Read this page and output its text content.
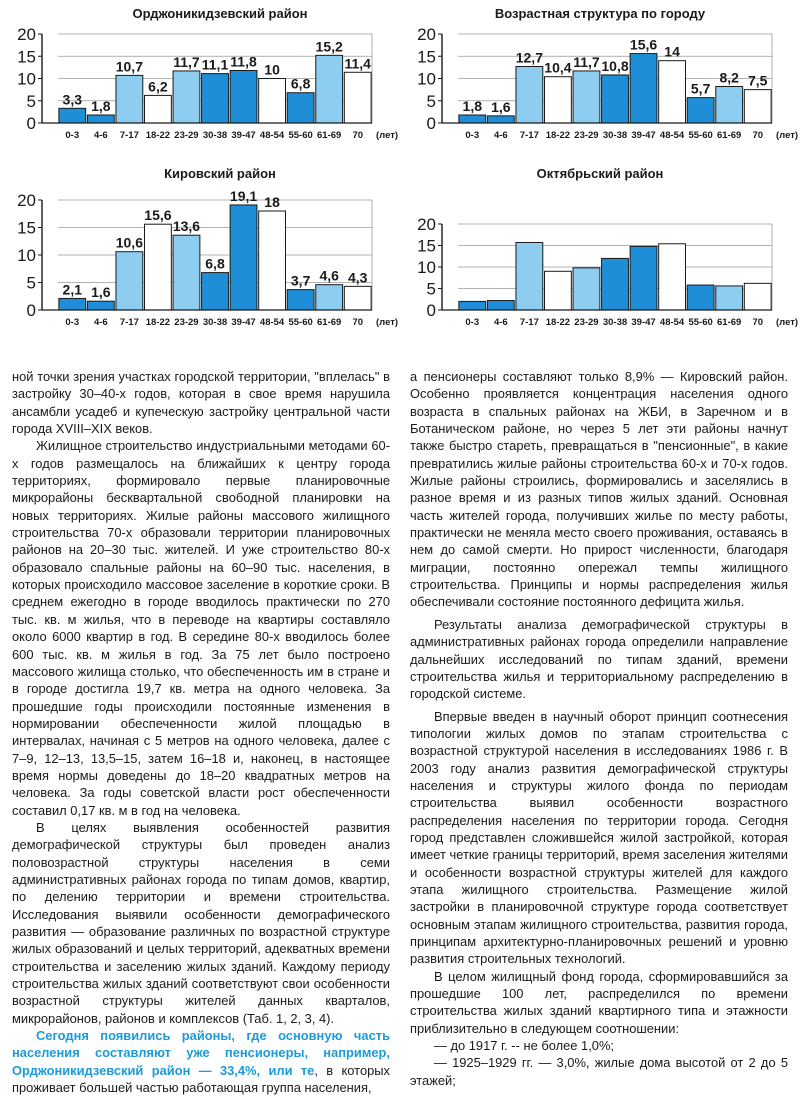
Орджоникидзевский район
0
5
10
15
20
3,3
0-3
1,8
4-6
10,7
7-17
6,2
18-22
11,7
23-29
11,1
30-38
11,8
39-47
10
48-54
6,8
55-60
15,2
61-69
11,4
70 (лет)
Возрастная структура по городу
0
5
10
15
20
1,8
0-3
1,6
4-6
12,7
7-17
10,4
18-22
11,7
23-29
10,8
30-38
15,6
39-47
14
48-54
5,7
55-60
8,2
61-69
7,5
70 (лет)
Кировский район
0
5
10
15
20
2,1
0-3
1,6
4-6
10,6
7-17
15,6
18-22
13,6
23-29
6,8
30-38
19,1
39-47
18
48-54
3,7
55-60
4,6
61-69
4,3
70 (лет)
Октябрьский район
0
5
10
15
20
0-3 4-6 7-17 18-22 23-29 30-38 39-47 48-54 55-60 61-69 70 (лет)

ной точки зрения участках городской территории, "вплелась" в застройку 30–40-х годов, которая в свое время нарушила ансамбли усадеб и купеческую застройку центральной части города XVIII–XIX веков.

Жилищное строительство индустриальными методами 60-х годов размещалось на ближайших к центру города территориях, формировало первые планировочные микрорайоны бесквартальной свободной планировки на новых территориях. Жилые районы массового жилищного строительства 70-х образовали территории планировочных районов на 20–30 тыс. жителей. И уже строительство 80-х образовало спальные районы на 60–90 тыс. населения, в которых происходило массовое заселение в короткие сроки. В среднем ежегодно в городе вводилось практически по 270 тыс. кв. м жилья, что в переводе на квартиры составляло около 6000 квартир в год. В середине 80-х вводилось более 600 тыс. кв. м жилья в год. За 75 лет было построено массового жилища столько, что обеспеченность им в стране и в городе достигла 19,7 кв. метра на одного человека. За прошедшие годы происходили постоянные изменения в нормировании обеспеченности жилой площадью в интервалах, начиная с 5 метров на одного человека, далее с 7–9, 12–13, 13,5–15, затем 16–18 и, наконец, в настоящее время нормы доведены до 18–20 квадратных метров на человека. За годы советской власти рост обеспеченности составил 0,17 кв. м в год на человека.

В целях выявления особенностей развития демографической структуры был проведен анализ половозрастной структуры населения в семи административных районах города по типам домов, квартир, по делению территории и времени строительства. Исследования выявили особенности демографического развития — образование различных по возрастной структуре жилых образований и целых территорий, адекватных времени строительства и заселению жилых зданий. Каждому периоду строительства жилых зданий соответствуют свои особенности возрастной структуры жителей данных кварталов, микрорайонов, районов и комплексов (Таб. 1, 2, 3, 4).

Сегодня появились районы, где основную часть населения составляют уже пенсионеры, например, Орджоникидзевский район — 33,4%, или те, в которых проживает большей частью работающая группа населения,

а пенсионеры составляют только 8,9% — Кировский район. Особенно проявляется концентрация населения одного возраста в спальных районах на ЖБИ, в Заречном и в Ботаническом районе, но через 5 лет эти районы начнут также быстро стареть, превращаться в "пенсионные", в какие превратились жилые районы строительства 60-х и 70-х годов. Жилые районы строились, формировались и заселялись в разное время и из разных типов жилых зданий. Основная часть жителей города, получивших жилье по месту работы, практически не меняла место своего проживания, оставаясь в нем до самой смерти. Но прирост численности, благодаря миграции, постоянно опережал темпы жилищного строительства. Принципы и нормы распределения жилья обеспечивали состояние постоянного дефицита жилья.

Результаты анализа демографической структуры в административных районах города определили направление дальнейших исследований по типам зданий, времени строительства жилья и территориальному распределению в городской системе.

Впервые введен в научный оборот принцип соотнесения типологии жилых домов по этапам строительства с возрастной структурой населения в исследованиях 1986 г. В 2003 году анализ развития демографической структуры населения и структуры жилого фонда по периодам строительства выявил особенности возрастного распределения населения по территории города. Сегодня город представлен сложившейся жилой застройкой, которая имеет четкие границы территорий, время заселения жителями и особенности возрастной структуры жителей для каждого этапа жилищного строительства. Размещение жилой застройки в планировочной структуре города соответствует основным этапам жилищного строительства, развития города, принципам архитектурно-планировочных решений и уровню развития строительных технологий.

В целом жилищный фонд города, сформировавшийся за прошедшие 100 лет, распределился по времени строительства жилых зданий квартирного типа и этажности приблизительно в следующем соотношении:

— до 1917 г. -- не более 1,0%;

— 1925–1929 гг. — 3,0%, жилые дома высотой от 2 до 5 этажей;
